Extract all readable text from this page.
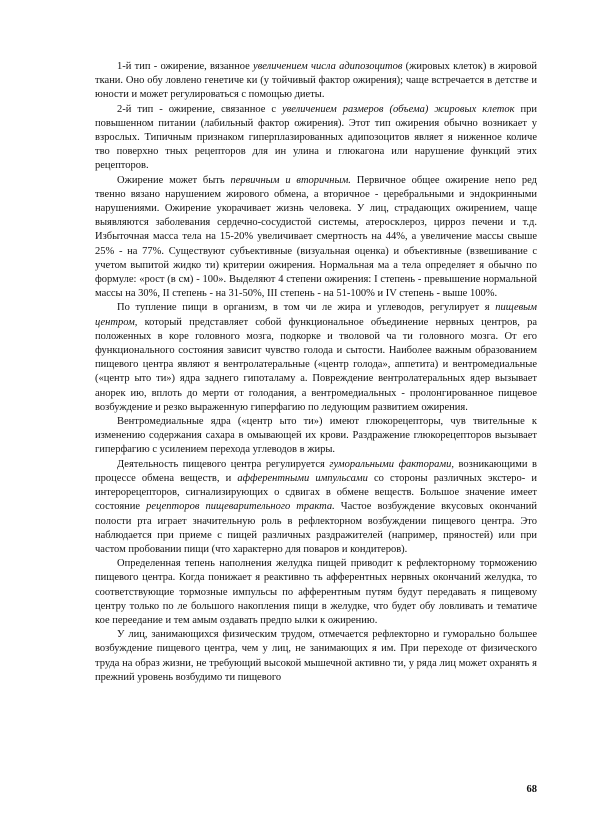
1-й тип - ожирение, вязанное увеличением числа адипозоцитов (жировых клеток) в жировой ткани. Оно обу ловлено генетиче ки (у тойчивый фактор ожирения); чаще встречается в детстве и юности и может регулироваться с помощью диеты.

2-й тип - ожирение, связанное с увеличением размеров (объема) жировых клеток при повышенном питании (лабильный фактор ожирения). Этот тип ожирения обычно возникает у взрослых. Типичным признаком гиперплазированных адипозоцитов являет я ниженное количе тво поверхно тных рецепторов для ин улина и глюкагона или нарушение функций этих рецепторов.

Ожирение может быть первичным и вторичным. Первичное общее ожирение непо ред твенно вязано нарушением жирового обмена, а вторичное - церебральными и эндокринными нарушениями. Ожирение укорачивает жизнь человека. У лиц, страдающих ожирением, чаще выявляются заболевания сердечно-сосудистой системы, атеросклероз, цирроз печени и т.д. Избыточная масса тела на 15-20% увеличивает смертность на 44%, а увеличение массы свыше 25% - на 77%. Существуют субъективные (визуальная оценка) и объективные (взвешивание с учетом выпитой жидко ти) критерии ожирения. Нормальная ма а тела определяет я обычно по формуле: «рост (в см) - 100». Выделяют 4 степени ожирения: I степень - превышение нормальной массы на 30%, II степень - на 31-50%, III степень - на 51-100% и IV степень - выше 100%.

По тупление пищи в организм, в том чи ле жира и углеводов, регулирует я пищевым центром, который представляет собой функциональное объединение нервных центров, ра положенных в коре головного мозга, подкорке и тволовой ча ти головного мозга. От его функционального состояния зависит чувство голода и сытости. Наиболее важным образованием пищевого центра являют я вентролатеральные («центр голода», аппетита) и вентромедиальные («центр ыто ти») ядра заднего гипоталаму а. Повреждение вентролатеральных ядер вызывает анорек ию, вплоть до мерти от голодания, а вентромедиальных - пролонгированное пищевое возбуждение и резко выраженную гиперфагию по ледующим развитием ожирения.

Вентромедиальные ядра («центр ыто ти») имеют глюкорецепторы, чув твительные к изменению содержания сахара в омывающей их крови. Раздражение глюкорецепторов вызывает гиперфагию с усилением перехода углеводов в жиры.

Деятельность пищевого центра регулируется гуморальными факторами, возникающими в процессе обмена веществ, и афферентными импульсами со стороны различных экстеро- и интерорецепторов, сигнализирующих о сдвигах в обмене веществ. Большое значение имеет состояние рецепторов пищеварительного тракта. Частое возбуждение вкусовых окончаний полости рта играет значительную роль в рефлекторном возбуждении пищевого центра. Это наблюдается при приеме с пищей различных раздражителей (например, пряностей) или при частом пробовании пищи (что характерно для поваров и кондитеров).

Определенная тепень наполнения желудка пищей приводит к рефлекторному торможению пищевого центра. Когда понижает я реактивно ть афферентных нервных окончаний желудка, то соответствующие тормозные импульсы по афферентным путям будут передавать я пищевому центру только по ле большого накопления пищи в желудке, что будет обу ловливать и тематиче кое переедание и тем амым оздавать предпо ылки к ожирению.

У лиц, занимающихся физическим трудом, отмечается рефлекторно и гуморально большее возбуждение пищевого центра, чем у лиц, не занимающих я им. При переходе от физического труда на образ жизни, не требующий высокой мышечной активно ти, у ряда лиц может охранять я прежний уровень возбудимо ти пищевого

68
